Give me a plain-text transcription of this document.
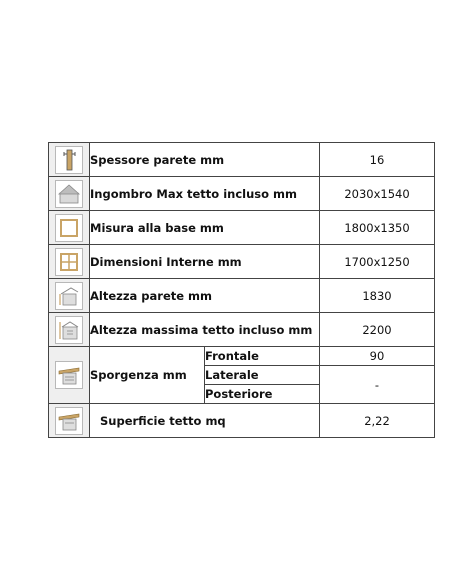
	Spessore parete mm		16

	Ingombro Max tetto incluso mm		2030x1540

	Misura alla base mm		1800x1350

	Dimensioni Interne mm		1700x1250

	Altezza parete mm		1830

	Altezza massima tetto incluso mm		2200

	Sporgenza mm	Frontale	90
		Laterale	-
		Posteriore	

	Superficie tetto mq		2,22
